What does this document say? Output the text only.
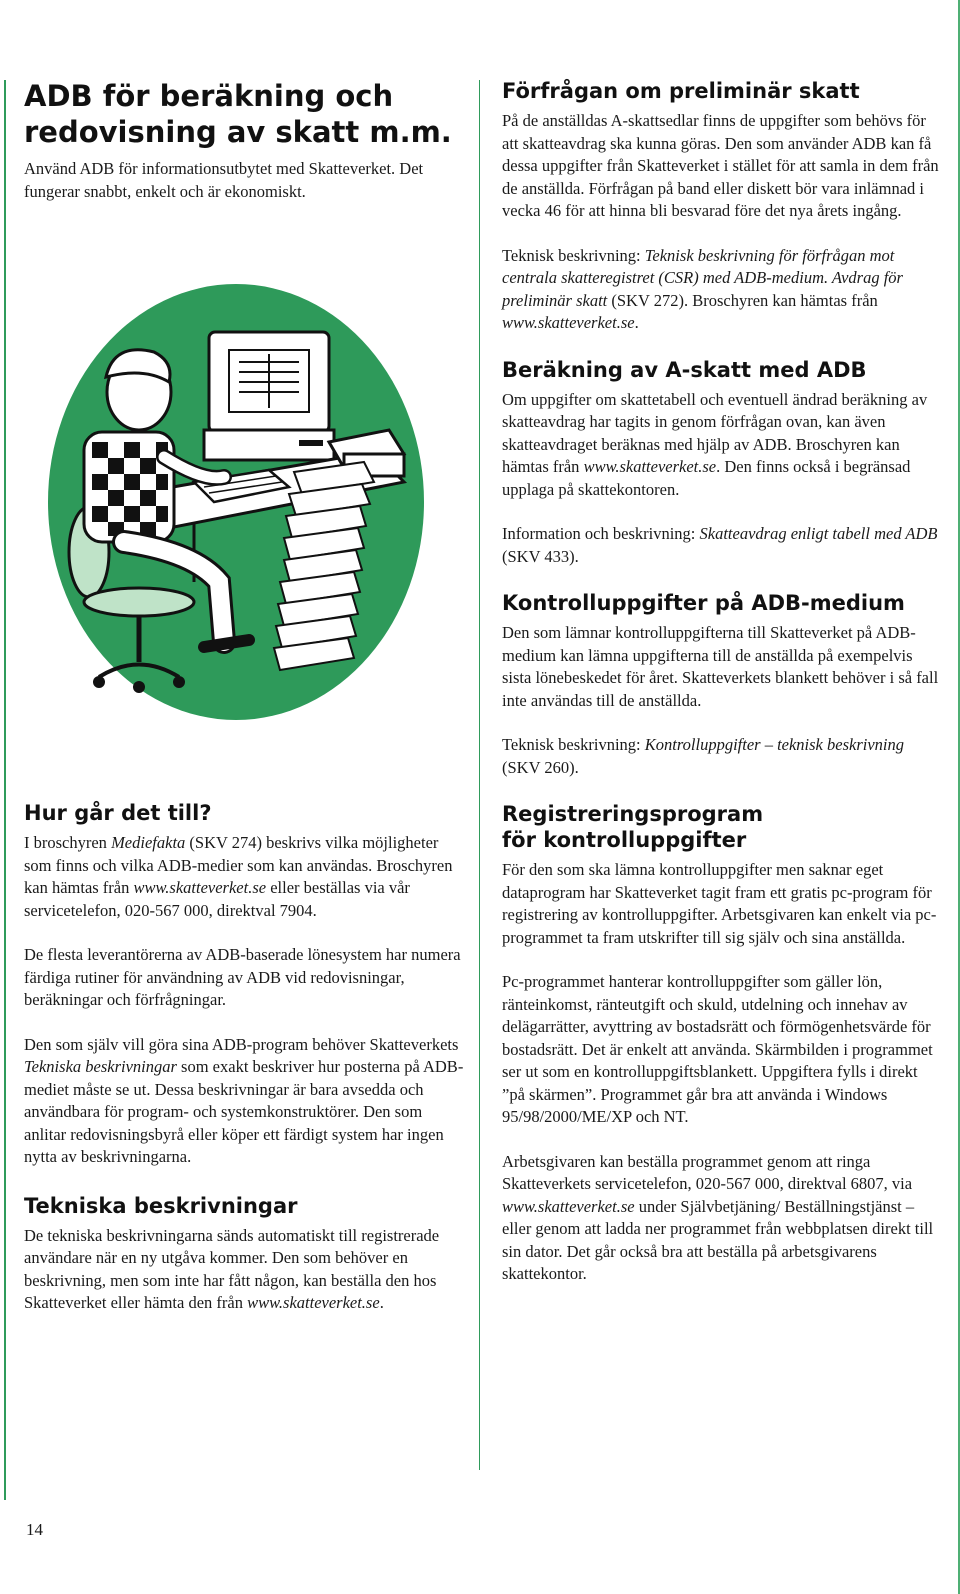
ADB för beräkning och redovisning av skatt m.m.

Använd ADB för informationsutbytet med Skatteverket. Det fungerar snabbt, enkelt och är ekonomiskt.

Hur går det till?

I broschyren Mediefakta (SKV 274) beskrivs vilka möjligheter som finns och vilka ADB-medier som kan användas. Broschyren kan hämtas från www.skatteverket.se eller beställas via vår servicetelefon, 020-567 000, direktval 7904.

De flesta leverantörerna av ADB-baserade lönesystem har numera färdiga rutiner för användning av ADB vid redovisningar, beräkningar och förfrågningar.

Den som själv vill göra sina ADB-program behöver Skatteverkets Tekniska beskrivningar som exakt beskriver hur posterna på ADB-mediet måste se ut. Dessa beskrivningar är bara avsedda och användbara för program- och systemkonstruktörer. Den som anlitar redovisningsbyrå eller köper ett färdigt system har ingen nytta av beskrivningarna.

Tekniska beskrivningar

De tekniska beskrivningarna sänds automatiskt till registrerade användare när en ny utgåva kommer. Den som behöver en beskrivning, men som inte har fått någon, kan beställa den hos Skatteverket eller hämta den från www.skatteverket.se.

Förfrågan om preliminär skatt

På de anställdas A-skattsedlar finns de uppgifter som behövs för att skatteavdrag ska kunna göras. Den som använder ADB kan få dessa uppgifter från Skatteverket i stället för att samla in dem från de anställda. Förfrågan på band eller diskett bör vara inlämnad i vecka 46 för att hinna bli besvarad före det nya årets ingång.

Teknisk beskrivning: Teknisk beskrivning för förfrågan mot centrala skatteregistret (CSR) med ADB-medium. Avdrag för preliminär skatt (SKV 272). Broschyren kan hämtas från www.skatteverket.se.

Beräkning av A-skatt med ADB

Om uppgifter om skattetabell och eventuell ändrad beräkning av skatteavdrag har tagits in genom förfrågan ovan, kan även skatteavdraget beräknas med hjälp av ADB. Broschyren kan hämtas från www.skatteverket.se. Den finns också i begränsad upplaga på skattekontoren.

Information och beskrivning: Skatteavdrag enligt tabell med ADB (SKV 433).

Kontrolluppgifter på ADB-medium

Den som lämnar kontrolluppgifterna till Skatteverket på ADB-medium kan lämna uppgifterna till de anställda på exempelvis sista lönebeskedet för året. Skatteverkets blankett behöver i så fall inte användas till de anställda.

Teknisk beskrivning: Kontrolluppgifter – teknisk beskrivning (SKV 260).

Registreringsprogram för kontrolluppgifter

För den som ska lämna kontrolluppgifter men saknar eget dataprogram har Skatteverket tagit fram ett gratis pc-program för registrering av kontrolluppgifter. Arbetsgivaren kan enkelt via pc-programmet ta fram utskrifter till sig själv och sina anställda.

Pc-programmet hanterar kontrolluppgifter som gäller lön, ränteinkomst, ränteutgift och skuld, utdelning och innehav av delägarrätter, avyttring av bostadsrätt och förmögenhetsvärde för bostadsrätt. Det är enkelt att använda. Skärmbilden i programmet ser ut som en kontrolluppgiftsblankett. Uppgiftera fylls i direkt ”på skärmen”. Programmet går bra att använda i Windows 95/98/2000/ME/XP och NT.

Arbetsgivaren kan beställa programmet genom att ringa Skatteverkets servicetelefon, 020-567 000, direktval 6807, via www.skatteverket.se under Självbetjäning/ Beställningstjänst – eller genom att ladda ner programmet från webbplatsen direkt till sin dator. Det går också bra att beställa på arbetsgivarens skattekontor.

14
